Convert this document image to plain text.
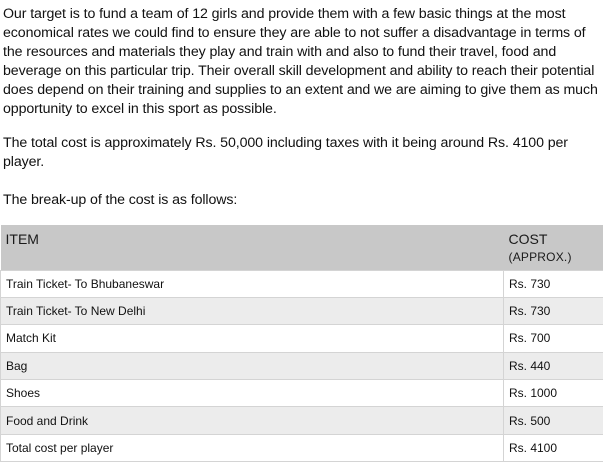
Our target is to fund a team of 12 girls and provide them with a few basic things at the most economical rates we could find to ensure they are able to not suffer a disadvantage in terms of the resources and materials they play and train with and also to fund their travel, food and beverage on this particular trip. Their overall skill development and ability to reach their potential does depend on their training and supplies to an extent and we are aiming to give them as much opportunity to excel in this sport as possible.

The total cost is approximately Rs. 50,000 including taxes with it being around Rs. 4100 per player.

The break-up of the cost is as follows:

ITEM	COST
(APPROX.)

Train Ticket- To Bhubaneswar	Rs. 730
Train Ticket- To New Delhi	Rs. 730
Match Kit	Rs. 700
Bag	Rs. 440
Shoes	Rs. 1000
Food and Drink	Rs. 500
Total cost per player	Rs. 4100
